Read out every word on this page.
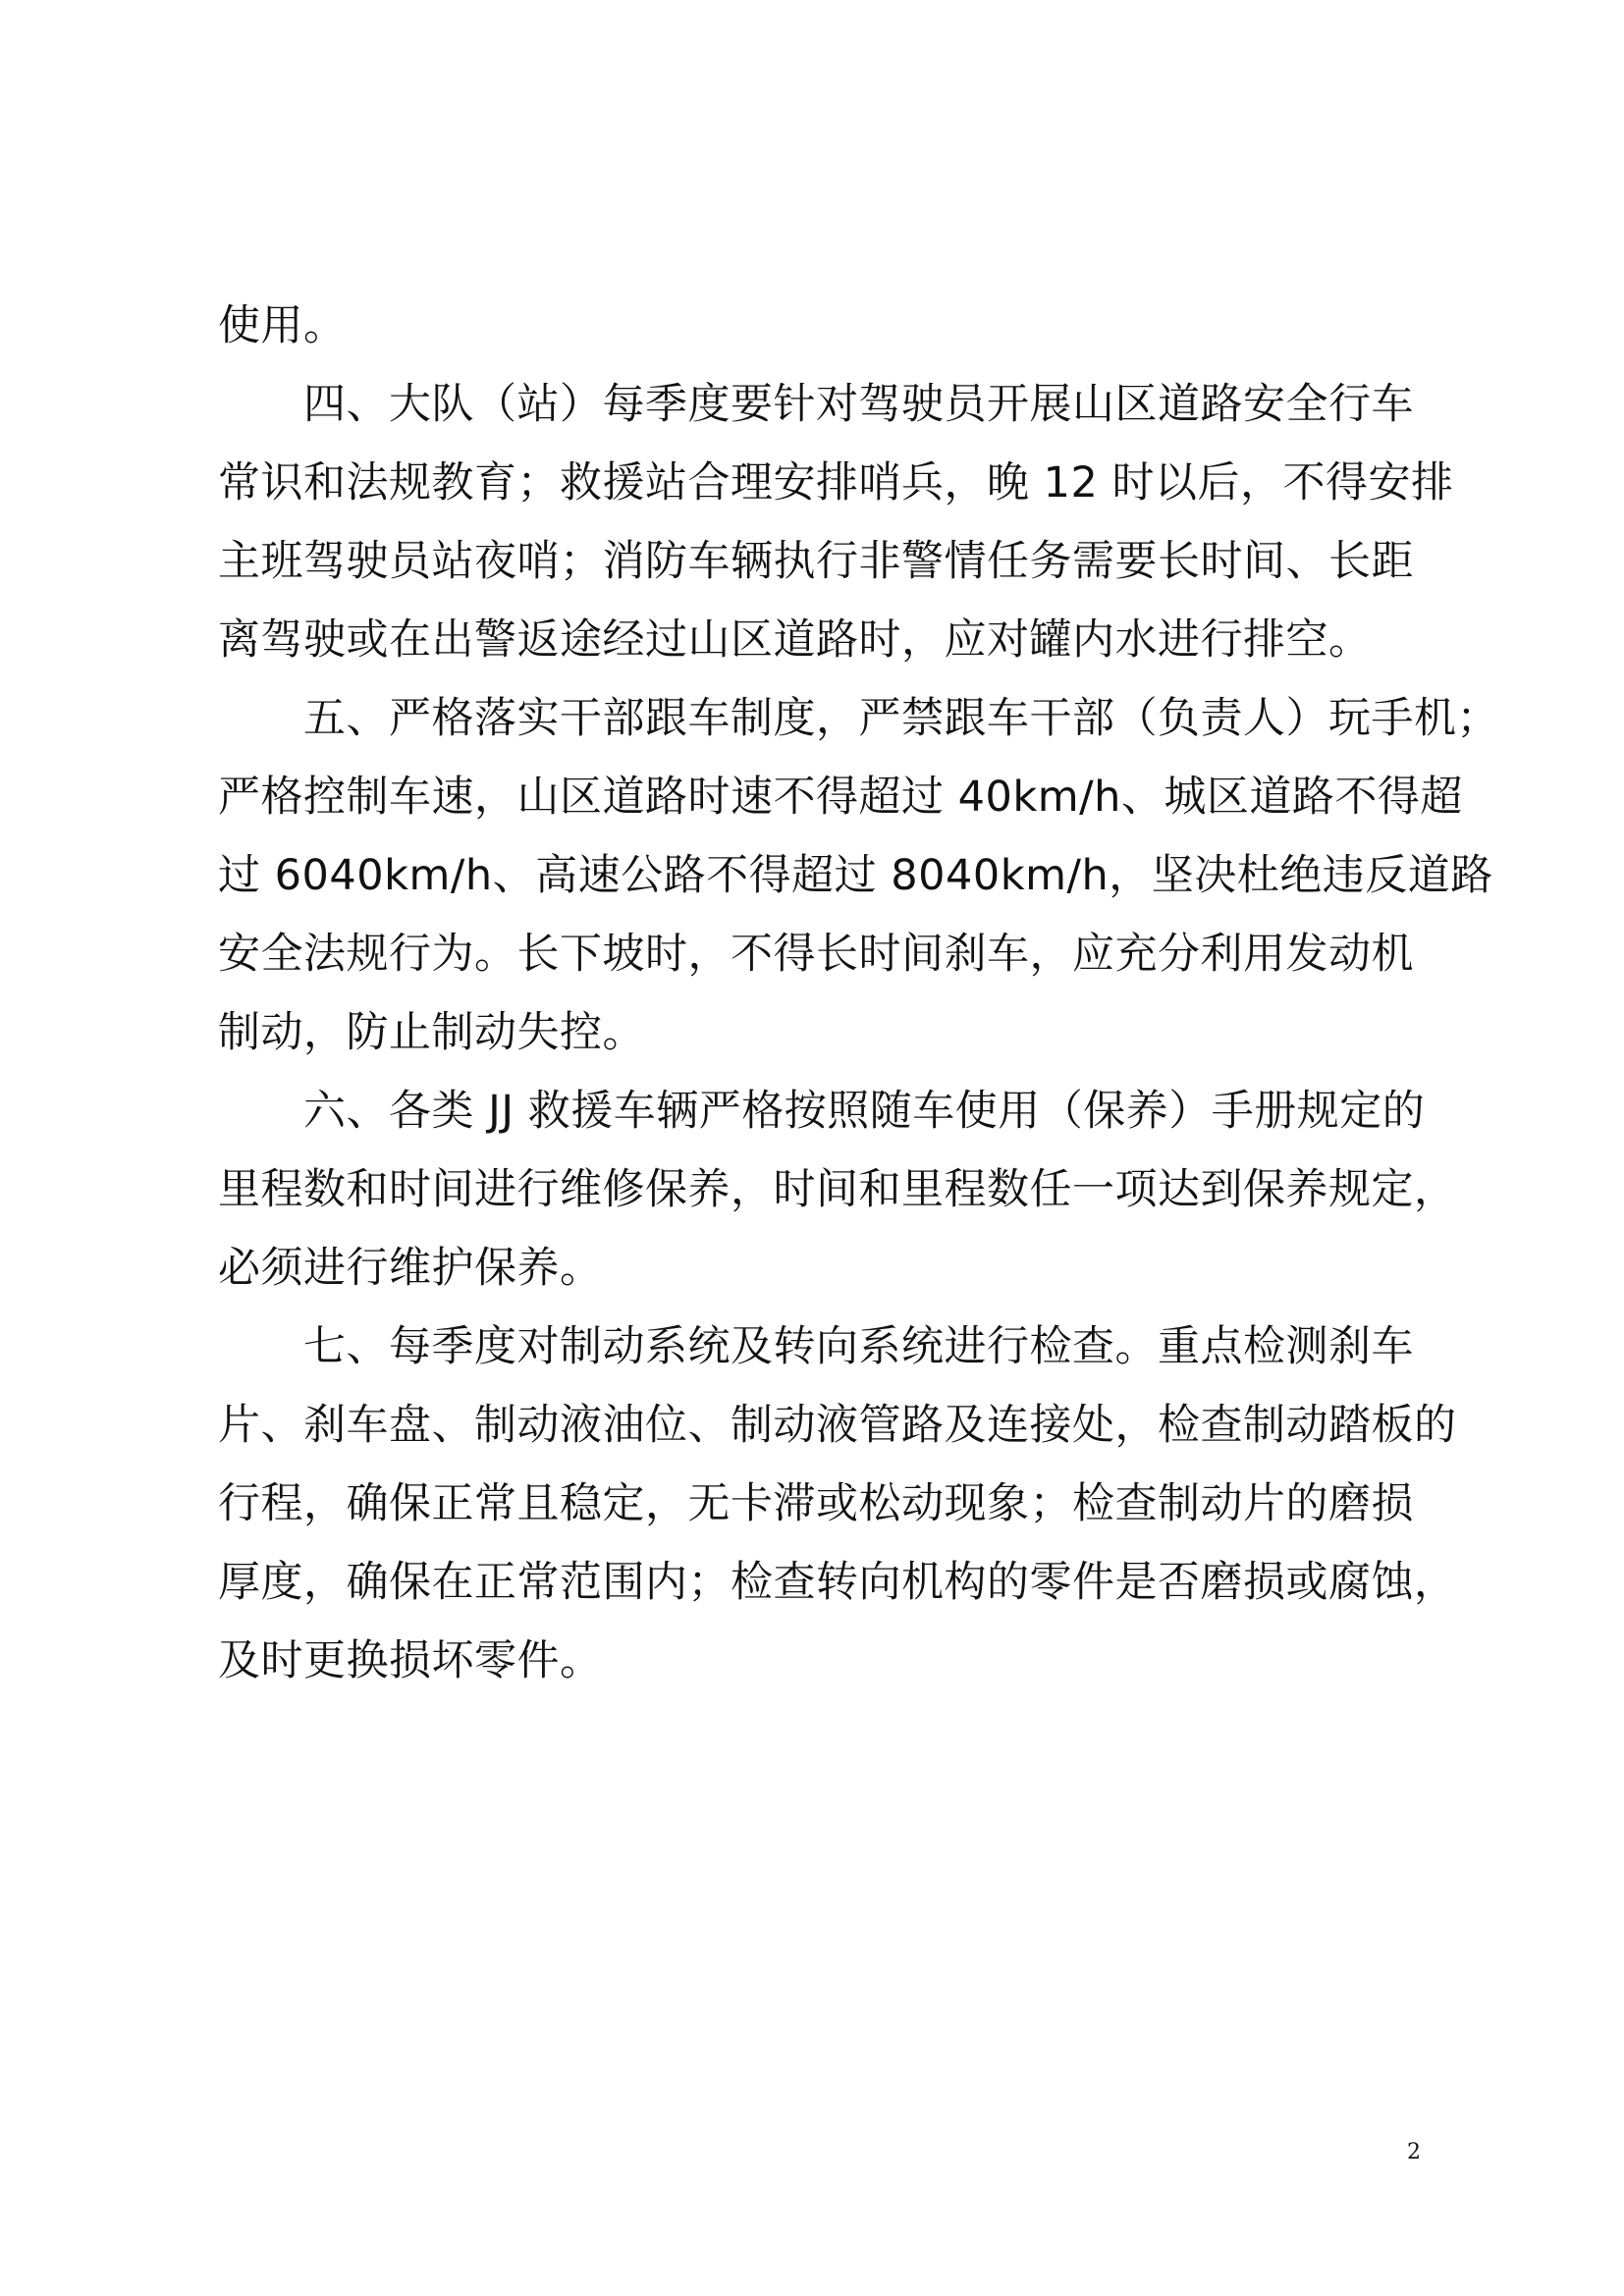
使用。
　　四、大队（站）每季度要针对驾驶员开展山区道路安全行车
常识和法规教育；救援站合理安排哨兵，晚 12 时以后，不得安排
主班驾驶员站夜哨；消防车辆执行非警情任务需要长时间、长距
离驾驶或在出警返途经过山区道路时，应对罐内水进行排空。
　　五、严格落实干部跟车制度，严禁跟车干部（负责人）玩手机；
严格控制车速，山区道路时速不得超过 40km/h、城区道路不得超
过 6040km/h、高速公路不得超过 8040km/h，坚决杜绝违反道路
安全法规行为。长下坡时，不得长时间刹车，应充分利用发动机
制动，防止制动失控。
　　六、各类 JJ 救援车辆严格按照随车使用（保养）手册规定的
里程数和时间进行维修保养，时间和里程数任一项达到保养规定，
必须进行维护保养。
　　七、每季度对制动系统及转向系统进行检查。重点检测刹车
片、刹车盘、制动液油位、制动液管路及连接处，检查制动踏板的
行程，确保正常且稳定，无卡滞或松动现象；检查制动片的磨损
厚度，确保在正常范围内；检查转向机构的零件是否磨损或腐蚀，
及时更换损坏零件。
2
